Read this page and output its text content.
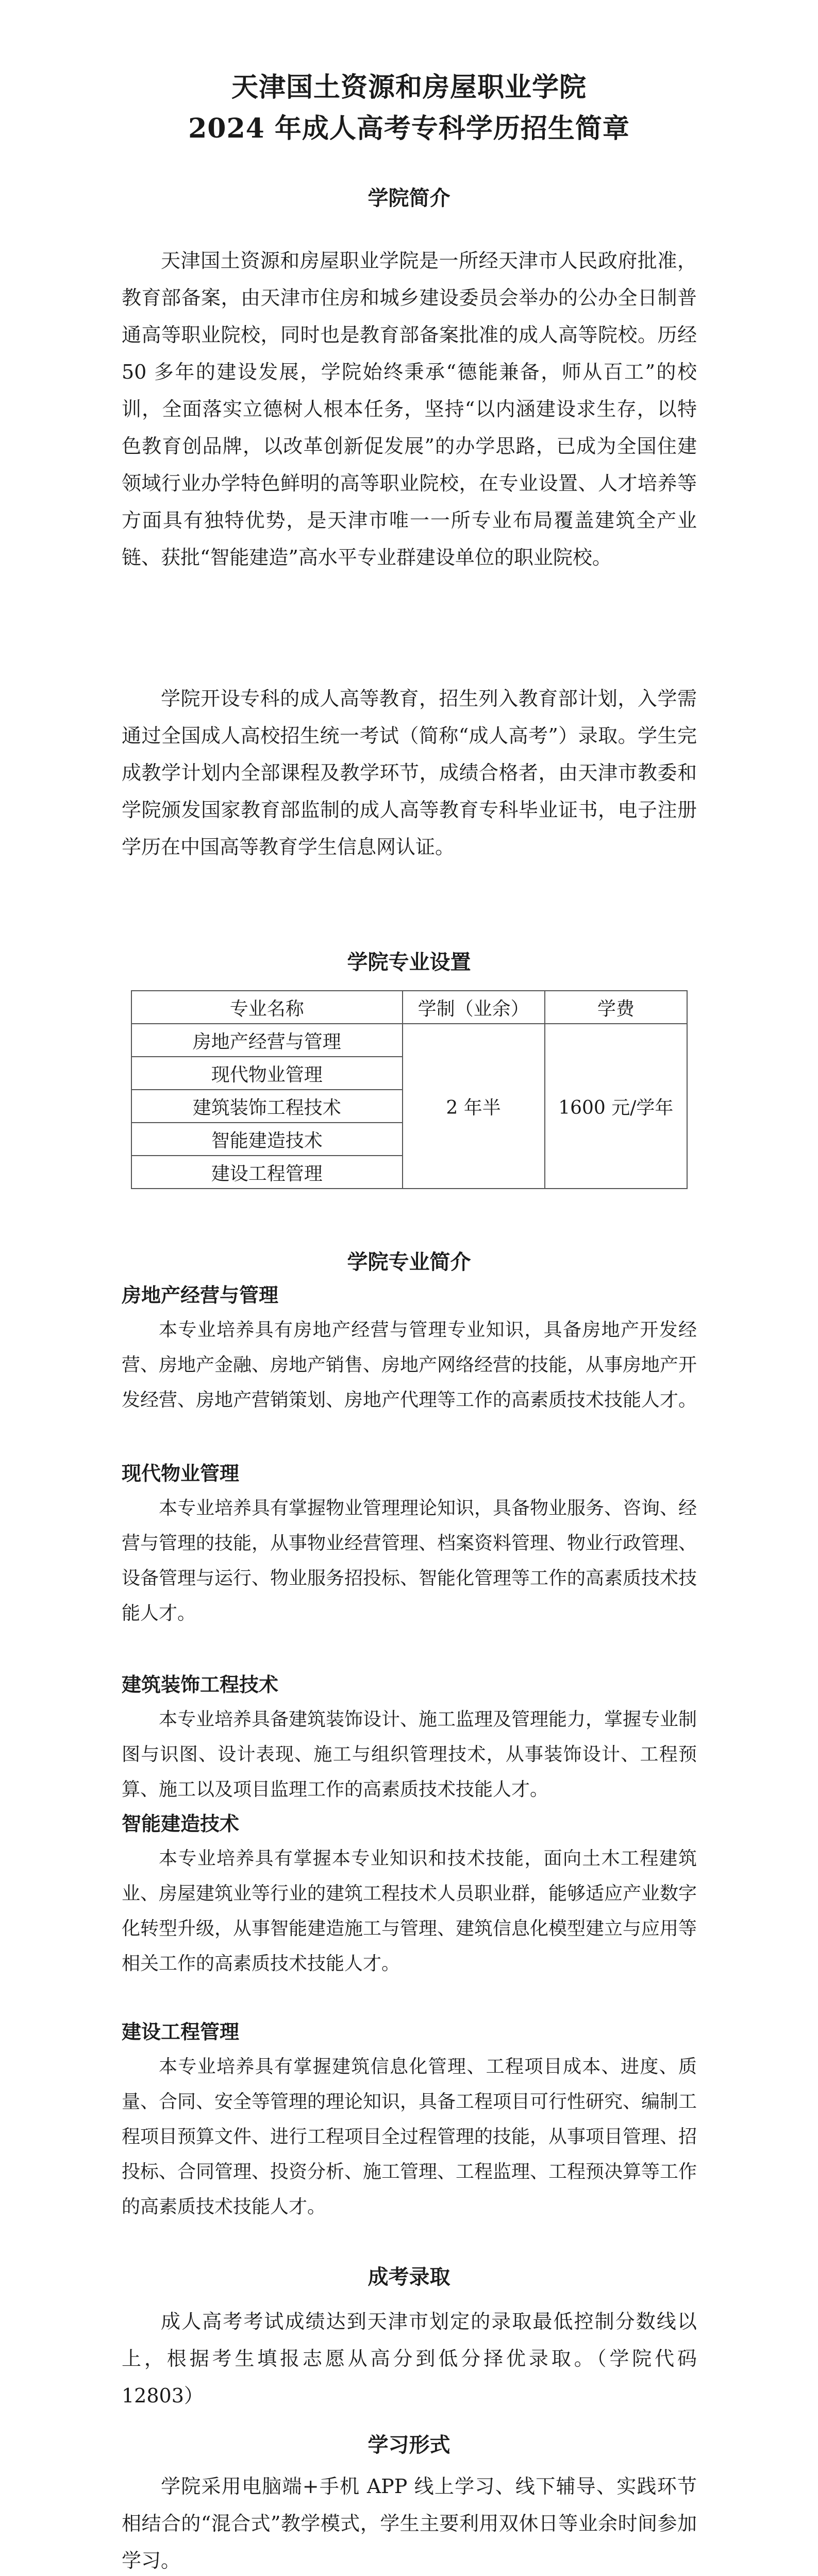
天津国土资源和房屋职业学院
2024 年成人高考专科学历招生简章
学院简介

天津国土资源和房屋职业学院是一所经天津市人民政府批准，教育部备案，由天津市住房和城乡建设委员会举办的公办全日制普通高等职业院校，同时也是教育部备案批准的成人高等院校。历经 50 多年的建设发展，学院始终秉承“德能兼备，师从百工”的校训，全面落实立德树人根本任务，坚持“以内涵建设求生存，以特色教育创品牌，以改革创新促发展”的办学思路，已成为全国住建领域行业办学特色鲜明的高等职业院校，在专业设置、人才培养等方面具有独特优势，是天津市唯一一所专业布局覆盖建筑全产业链、获批“智能建造”高水平专业群建设单位的职业院校。

学院开设专科的成人高等教育，招生列入教育部计划，入学需通过全国成人高校招生统一考试（简称“成人高考”）录取。学生完成教学计划内全部课程及教学环节，成绩合格者，由天津市教委和学院颁发国家教育部监制的成人高等教育专科毕业证书，电子注册学历在中国高等教育学生信息网认证。

学院专业设置
专业名称	学制（业余）	学费
房地产经营与管理	2 年半	1600 元/学年
现代物业管理		
建筑装饰工程技术		
智能建造技术		
建设工程管理		
学院专业简介
房地产经营与管理

本专业培养具有房地产经营与管理专业知识，具备房地产开发经营、房地产金融、房地产销售、房地产网络经营的技能，从事房地产开发经营、房地产营销策划、房地产代理等工作的高素质技术技能人才。

现代物业管理

本专业培养具有掌握物业管理理论知识，具备物业服务、咨询、经营与管理的技能，从事物业经营管理、档案资料管理、物业行政管理、设备管理与运行、物业服务招投标、智能化管理等工作的高素质技术技能人才。

建筑装饰工程技术

本专业培养具备建筑装饰设计、施工监理及管理能力，掌握专业制图与识图、设计表现、施工与组织管理技术，从事装饰设计、工程预算、施工以及项目监理工作的高素质技术技能人才。

智能建造技术

本专业培养具有掌握本专业知识和技术技能，面向土木工程建筑业、房屋建筑业等行业的建筑工程技术人员职业群，能够适应产业数字化转型升级，从事智能建造施工与管理、建筑信息化模型建立与应用等相关工作的高素质技术技能人才。

建设工程管理

本专业培养具有掌握建筑信息化管理、工程项目成本、进度、质量、合同、安全等管理的理论知识，具备工程项目可行性研究、编制工程项目预算文件、进行工程项目全过程管理的技能，从事项目管理、招投标、合同管理、投资分析、施工管理、工程监理、工程预决算等工作的高素质技术技能人才。

成考录取

成人高考考试成绩达到天津市划定的录取最低控制分数线以上，根据考生填报志愿从高分到低分择优录取。（学院代码 12803）

学习形式

学院采用电脑端+手机 APP 线上学习、线下辅导、实践环节相结合的“混合式”教学模式，学生主要利用双休日等业余时间参加学习。
